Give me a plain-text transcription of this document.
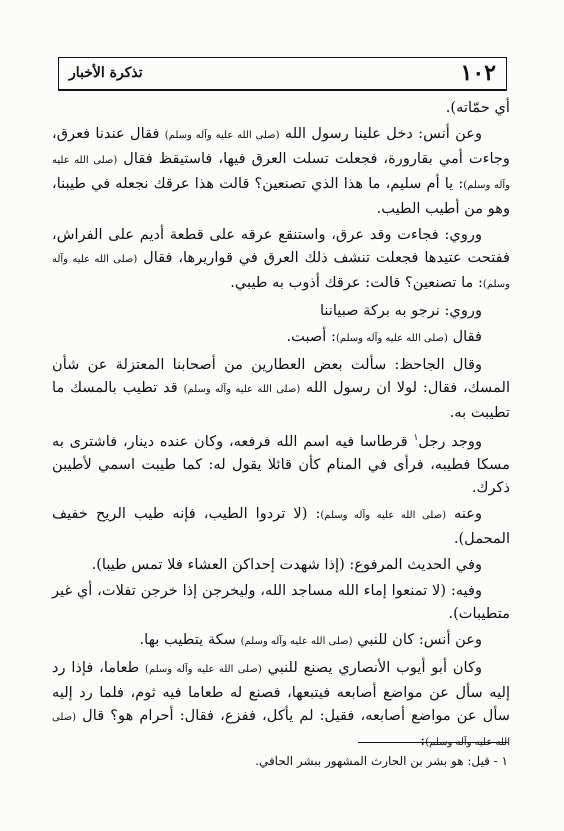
تذكرة الأخبار	١٠٢

أي حمّاته).

وعن أنس: دخل علينا رسول الله (صلى الله عليه وآله وسلم) فقال عندنا فعرق، وجاءت أمي بقارورة، فجعلت تسلت العرق فيها، فاستيقظ فقال (صلى الله عليه وآله وسلم): يا أم سليم، ما هذا الذي تصنعين؟ قالت هذا عرقك نجعله في طيبنا، وهو من أطيب الطيب.

وروي: فجاءت وقد عرق، واستنقع عرقه على قطعة أديم على الفراش، ففتحت عتيدها فجعلت تنشف ذلك العرق في قواريرها، فقال (صلى الله عليه وآله وسلم): ما تصنعين؟ قالت: عرقك أذوب به طيبي.

وروي: نرجو به بركة صبياننا

فقال (صلى الله عليه وآله وسلم): أصبت.

وقال الجاحظ: سألت بعض العطارين من أصحابنا المعتزلة عن شأن المسك، فقال: لولا ان رسول الله (صلى الله عليه وآله وسلم) قد تطيب بالمسك ما تطيبت به.

ووجد رجل$^١$ قرطاسا فيه اسم الله فرفعه، وكان عنده دينار، فاشترى به مسكا فطيبه، فرأى في المنام كأن قائلا يقول له: كما طيبت اسمي لأطيبن ذكرك.

وعنه (صلى الله عليه وآله وسلم): (لا تردوا الطيب، فإنه طيب الريح خفيف المحمل).

وفي الحديث المرفوع: (إذا شهدت إحداكن العشاء فلا تمس طيبا).

وفيه: (لا تمنعوا إماء الله مساجد الله، وليخرجن إذا خرجن تفلات، أي غير متطيبات).

وعن أنس: كان للنبي (صلى الله عليه وآله وسلم) سكة يتطيب بها.

وكان أبو أيوب الأنصاري يصنع للنبي (صلى الله عليه وآله وسلم) طعاما، فإذا رد إليه سأل عن مواضع أصابعه فيتبعها، فصنع له طعاما فيه ثوم، فلما رد إليه سأل عن مواضع أصابعه، فقيل: لم يأكل، ففزع، فقال: أحرام هو؟ قال (صلى الله عليه وآله وسلم):

١ - قيل: هو بشر بن الحارث المشهور ببشر الحافي.
